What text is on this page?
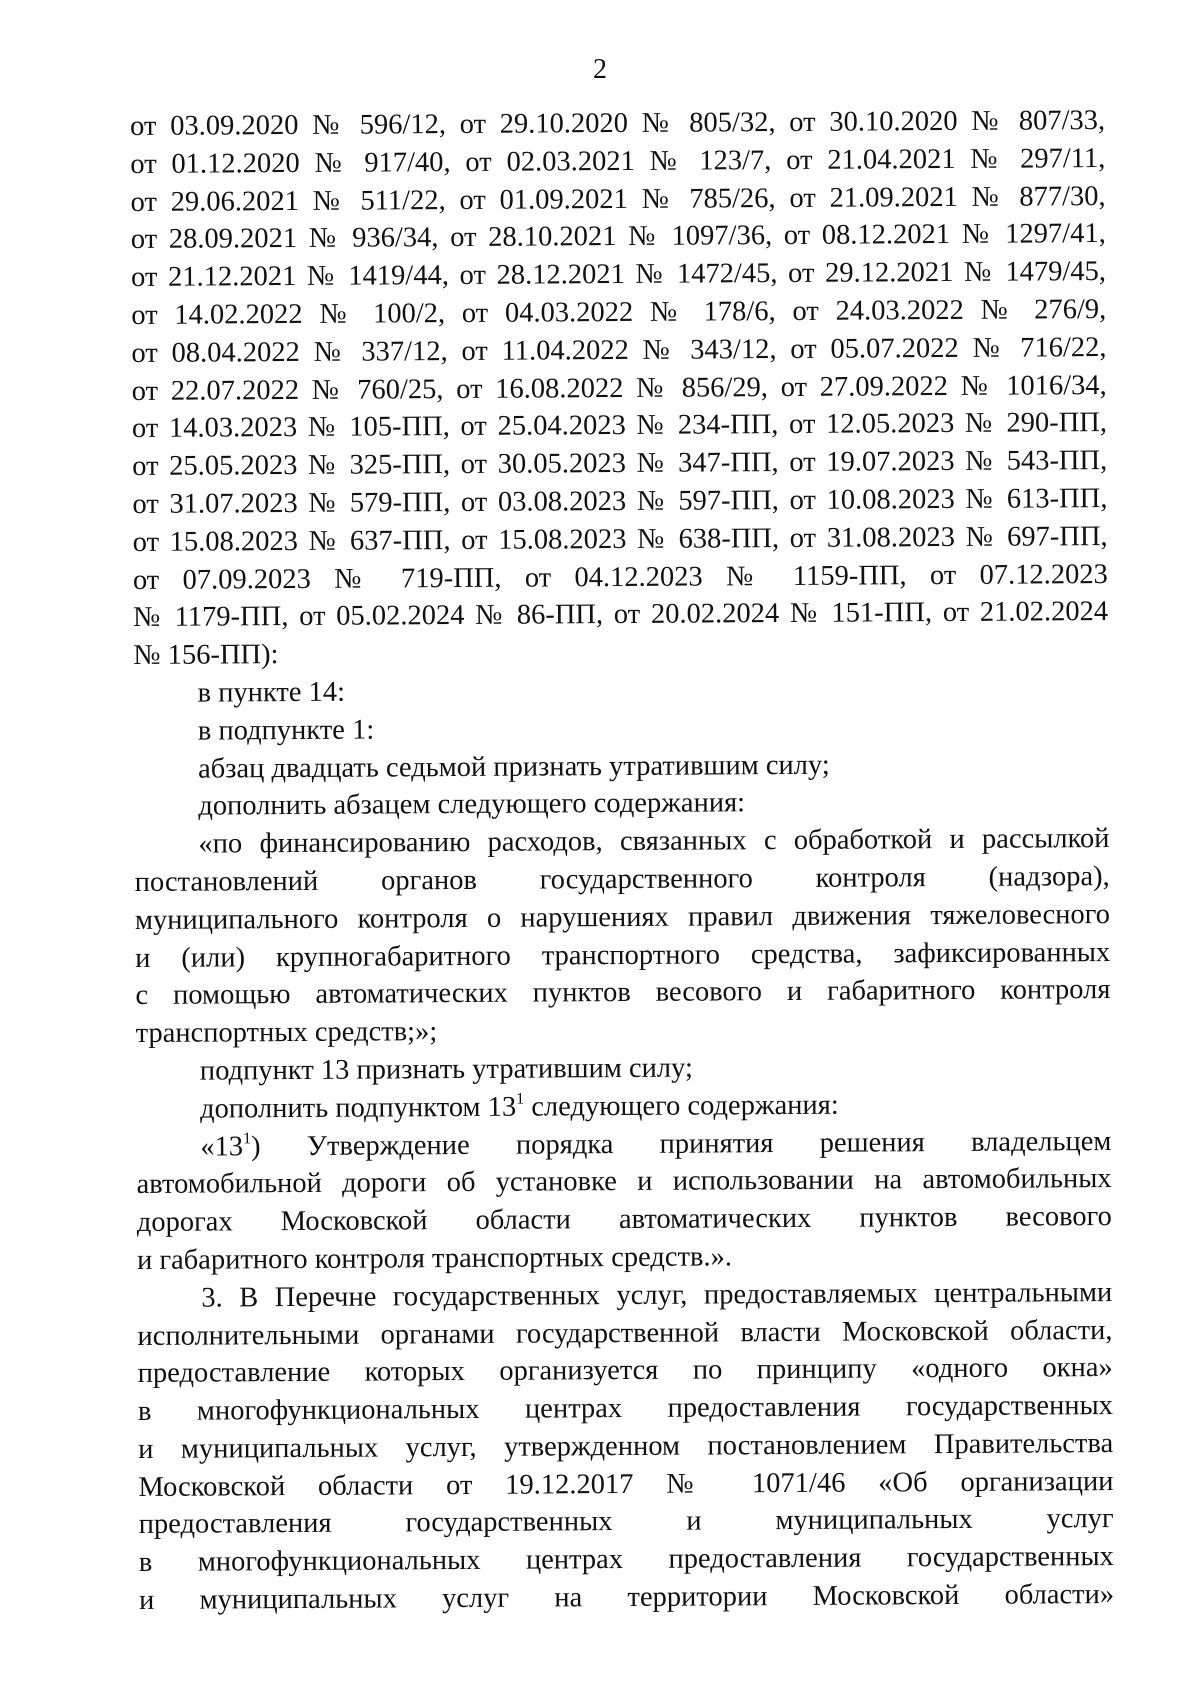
2
от 03.09.2020 № 596/12, от 29.10.2020 № 805/32, от 30.10.2020 № 807/33,
от 01.12.2020 № 917/40, от 02.03.2021 № 123/7, от 21.04.2021 № 297/11,
от 29.06.2021 № 511/22, от 01.09.2021 № 785/26, от 21.09.2021 № 877/30,
от 28.09.2021 № 936/34, от 28.10.2021 № 1097/36, от 08.12.2021 № 1297/41,
от 21.12.2021 № 1419/44, от 28.12.2021 № 1472/45, от 29.12.2021 № 1479/45,
от 14.02.2022 № 100/2, от 04.03.2022 № 178/6, от 24.03.2022 № 276/9,
от 08.04.2022 № 337/12, от 11.04.2022 № 343/12, от 05.07.2022 № 716/22,
от 22.07.2022 № 760/25, от 16.08.2022 № 856/29, от 27.09.2022 № 1016/34,
от 14.03.2023 № 105-ПП, от 25.04.2023 № 234-ПП, от 12.05.2023 № 290-ПП,
от 25.05.2023 № 325-ПП, от 30.05.2023 № 347-ПП, от 19.07.2023 № 543-ПП,
от 31.07.2023 № 579-ПП, от 03.08.2023 № 597-ПП, от 10.08.2023 № 613-ПП,
от 15.08.2023 № 637-ПП, от 15.08.2023 № 638-ПП, от 31.08.2023 № 697-ПП,
от 07.09.2023 № 719-ПП, от 04.12.2023 № 1159-ПП, от 07.12.2023
№ 1179-ПП, от 05.02.2024 № 86-ПП, от 20.02.2024 № 151-ПП, от 21.02.2024
№ 156-ПП):
в пункте 14:
в подпункте 1:
абзац двадцать седьмой признать утратившим силу;
дополнить абзацем следующего содержания:
«по финансированию расходов, связанных с обработкой и рассылкой
постановлений органов государственного контроля (надзора),
муниципального контроля о нарушениях правил движения тяжеловесного
и (или) крупногабаритного транспортного средства, зафиксированных
с помощью автоматических пунктов весового и габаритного контроля
транспортных средств;»;
подпункт 13 признать утратившим силу;
дополнить подпунктом $13^1$ следующего содержания:
«$13^1$) Утверждение порядка принятия решения владельцем
автомобильной дороги об установке и использовании на автомобильных
дорогах Московской области автоматических пунктов весового
и габаритного контроля транспортных средств.».
3. В Перечне государственных услуг, предоставляемых центральными
исполнительными органами государственной власти Московской области,
предоставление которых организуется по принципу «одного окна»
в многофункциональных центрах предоставления государственных
и муниципальных услуг, утвержденном постановлением Правительства
Московской области от 19.12.2017 № 1071/46 «Об организации
предоставления государственных и муниципальных услуг
в многофункциональных центрах предоставления государственных
и муниципальных услуг на территории Московской области»
